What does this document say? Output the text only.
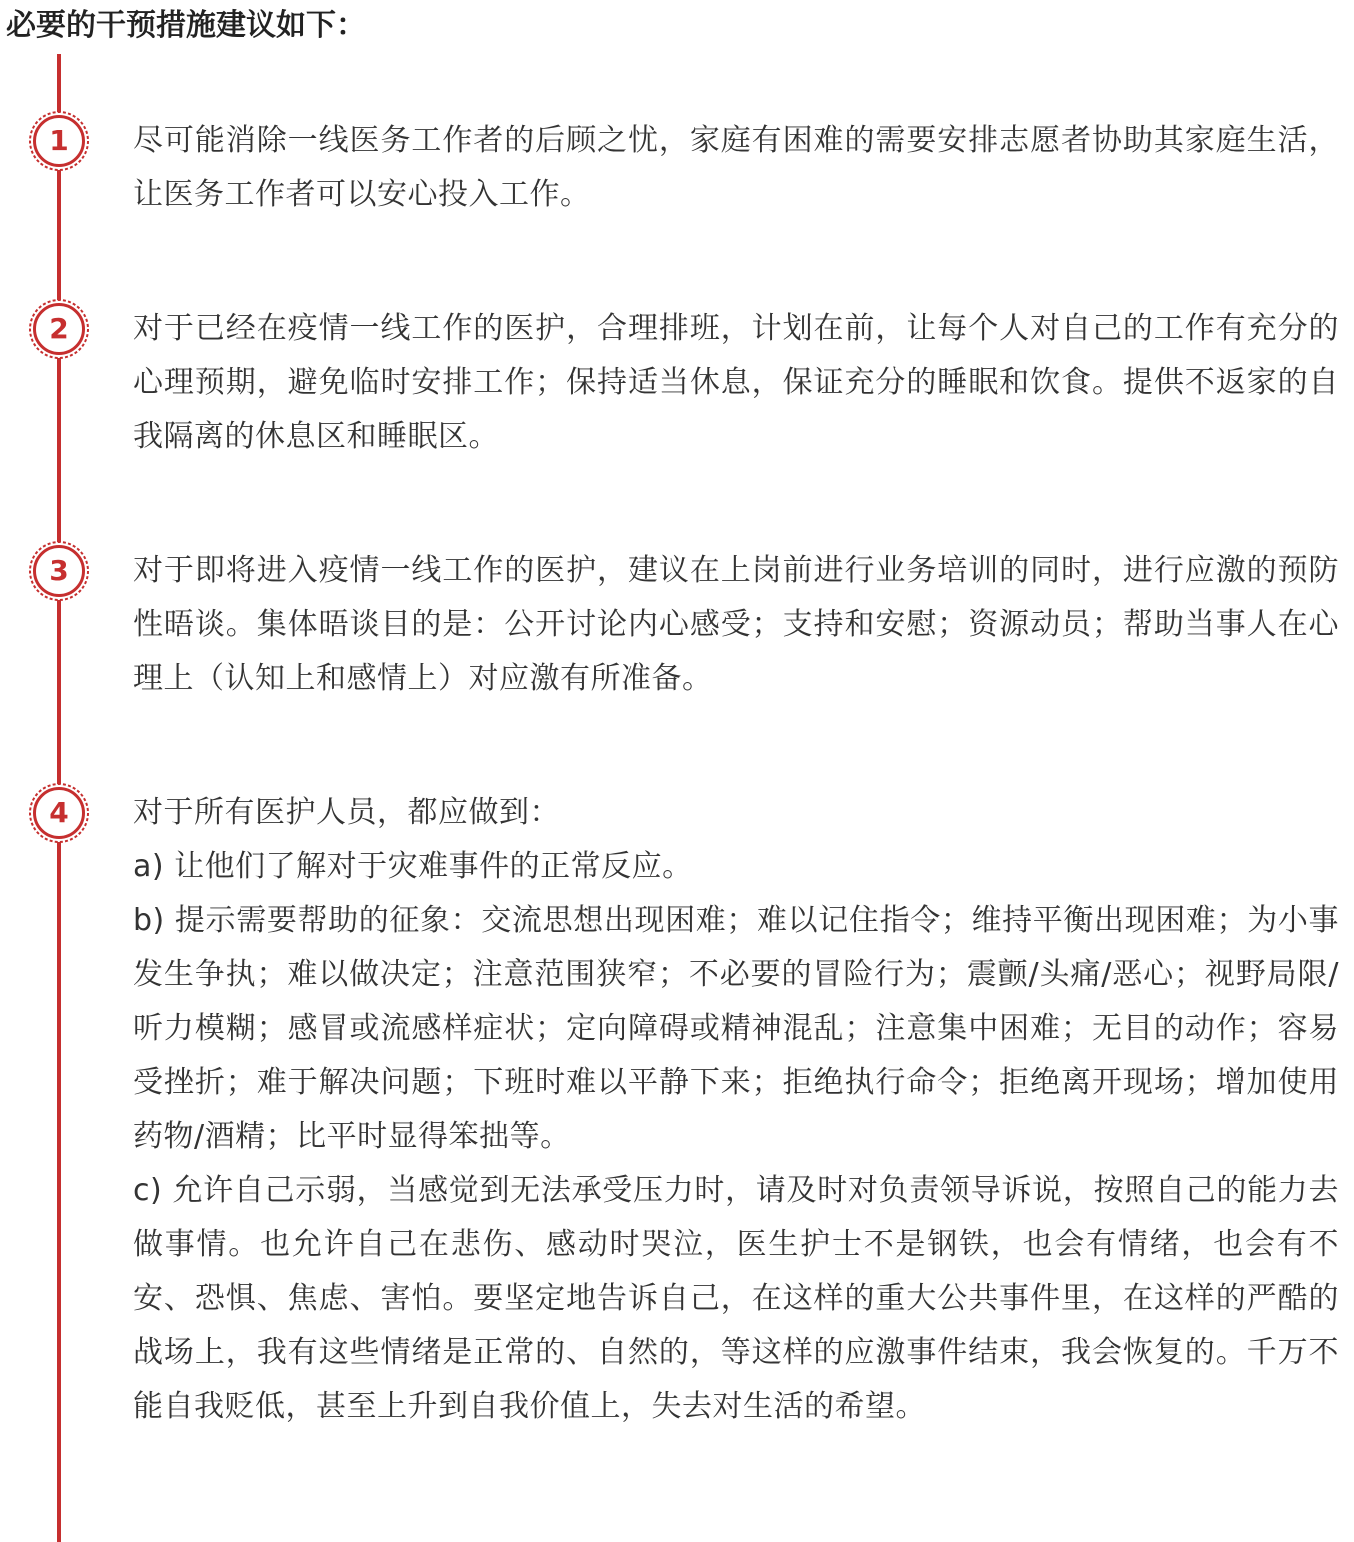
必要的干预措施建议如下：
1	尽可能消除一线医务工作者的后顾之忧，家庭有困难的需要安排志愿者协助其家庭生活，让医务工作者可以安心投入工作。

2	对于已经在疫情一线工作的医护，合理排班，计划在前，让每个人对自己的工作有充分的心理预期，避免临时安排工作；保持适当休息，保证充分的睡眠和饮食。提供不返家的自我隔离的休息区和睡眠区。

3	对于即将进入疫情一线工作的医护，建议在上岗前进行业务培训的同时，进行应激的预防性晤谈。集体晤谈目的是：公开讨论内心感受；支持和安慰；资源动员；帮助当事人在心理上（认知上和感情上）对应激有所准备。

4	对于所有医护人员，都应做到：

a) 让他们了解对于灾难事件的正常反应。

b) 提示需要帮助的征象：交流思想出现困难；难以记住指令；维持平衡出现困难；为小事发生争执；难以做决定；注意范围狭窄；不必要的冒险行为；震颤/头痛/恶心；视野局限/听力模糊；感冒或流感样症状；定向障碍或精神混乱；注意集中困难；无目的动作；容易受挫折；难于解决问题；下班时难以平静下来；拒绝执行命令；拒绝离开现场；增加使用药物/酒精；比平时显得笨拙等。

c) 允许自己示弱，当感觉到无法承受压力时，请及时对负责领导诉说，按照自己的能力去做事情。也允许自己在悲伤、感动时哭泣，医生护士不是钢铁，也会有情绪，也会有不安、恐惧、焦虑、害怕。要坚定地告诉自己，在这样的重大公共事件里，在这样的严酷的战场上，我有这些情绪是正常的、自然的，等这样的应激事件结束，我会恢复的。千万不能自我贬低，甚至上升到自我价值上，失去对生活的希望。
